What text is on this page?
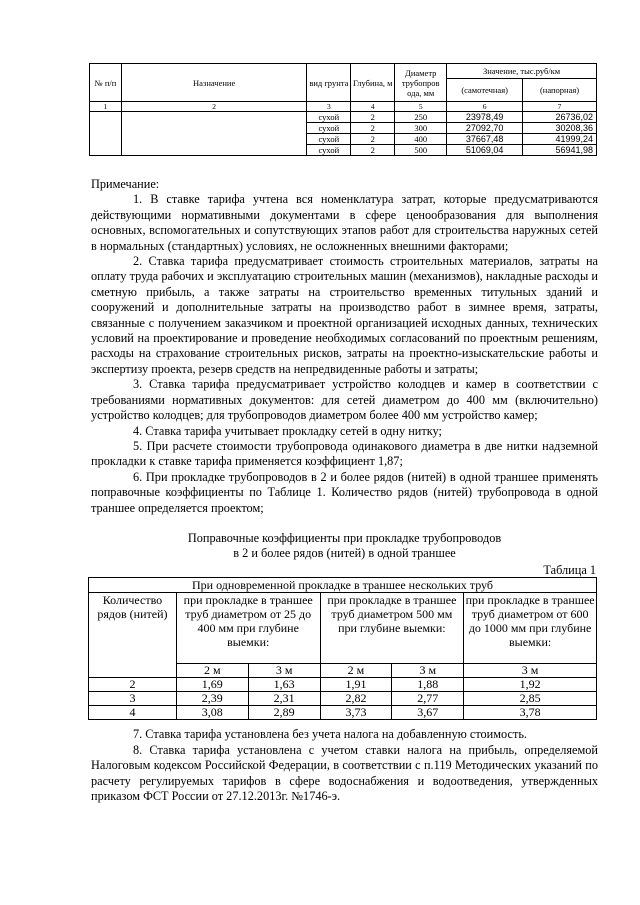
№ п/п	Назначение	вид грунта	Глубина, м	Диаметр трубопров ода, мм	Значение, тыс.руб/км	
					(самотечная)	(напорная)
1	2	3	4	5	6	7
		сухой	2	250	23978,49	26736,02
		сухой	2	300	27092,70	30208,36
		сухой	2	400	37667,48	41999,24
		сухой	2	500	51069,04	56941,98

Примечание:

1. В ставке тарифа учтена вся номенклатура затрат, которые предусматриваются действующими нормативными документами в сфере ценообразования для выполнения основных, вспомогательных и сопутствующих этапов работ для строительства наружных сетей в нормальных (стандартных) условиях, не осложненных внешними факторами;

2. Ставка тарифа предусматривает стоимость строительных материалов, затраты на оплату труда рабочих и эксплуатацию строительных машин (механизмов), накладные расходы и сметную прибыль, а также затраты на строительство временных титульных зданий и сооружений и дополнительные затраты на производство работ в зимнее время, затраты, связанные с получением заказчиком и проектной организацией исходных данных, технических условий на проектирование и проведение необходимых согласований по проектным решениям, расходы на страхование строительных рисков, затраты на проектно-изыскательские работы и экспертизу проекта, резерв средств на непредвиденные работы и затраты;

3. Ставка тарифа предусматривает устройство колодцев и камер в соответствии с требованиями нормативных документов: для сетей диаметром до 400 мм (включительно) устройство колодцев; для трубопроводов диаметром более 400 мм устройство камер;

4. Ставка тарифа учитывает прокладку сетей в одну нитку;

5. При расчете стоимости трубопровода одинакового диаметра в две нитки надземной прокладки к ставке тарифа применяется коэффициент 1,87;

6. При прокладке трубопроводов в 2 и более рядов (нитей) в одной траншее применять поправочные коэффициенты по Таблице 1. Количество рядов (нитей) трубопровода в одной траншее определяется проектом;

Поправочные коэффициенты при прокладке трубопроводов
в 2 и более рядов (нитей) в одной траншее
Таблица 1
При одновременной прокладке в траншее нескольких труб					
Количество рядов (нитей)	при прокладке в траншее труб диаметром от 25 до 400 мм при глубине выемки:		при прокладке в траншее труб диаметром 500 мм при глубине выемки:		при прокладке в траншее труб диаметром от 600 до 1000 мм при глубине выемки:
	2 м	3 м	2 м	3 м	3 м
2	1,69	1,63	1,91	1,88	1,92
3	2,39	2,31	2,82	2,77	2,85
4	3,08	2,89	3,73	3,67	3,78

7. Ставка тарифа установлена без учета налога на добавленную стоимость.

8. Ставка тарифа установлена с учетом ставки налога на прибыль, определяемой Налоговым кодексом Российской Федерации, в соответствии с п.119 Методических указаний по расчету регулируемых тарифов в сфере водоснабжения и водоотведения, утвержденных приказом ФСТ России от 27.12.2013г. №1746-э.
